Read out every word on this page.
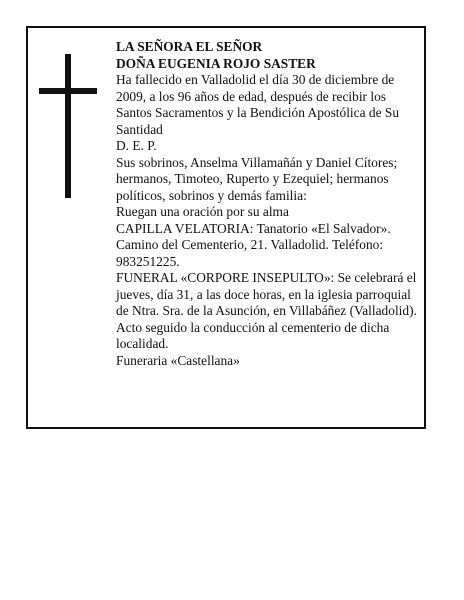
LA SEÑORA EL SEÑOR

DOÑA EUGENIA ROJO SASTER

Ha fallecido en Valladolid el día 30 de diciembre de 2009, a los 96 años de edad, después de recibir los Santos Sacramentos y la Bendición Apostólica de Su Santidad

D. E. P.

Sus sobrinos, Anselma Villamañán y Daniel Cítores; hermanos, Timoteo, Ruperto y Ezequiel; hermanos políticos, sobrinos y demás familia:

Ruegan una oración por su alma

CAPILLA VELATORIA: Tanatorio «El Salvador». Camino del Cementerio, 21. Valladolid. Teléfono: 983251225.

FUNERAL «CORPORE INSEPULTO»: Se celebrará el jueves, día 31, a las doce horas, en la iglesia parroquial de Ntra. Sra. de la Asunción, en Villabáñez (Valladolid). Acto seguido la conducción al cementerio de dicha localidad.

Funeraria «Castellana»
